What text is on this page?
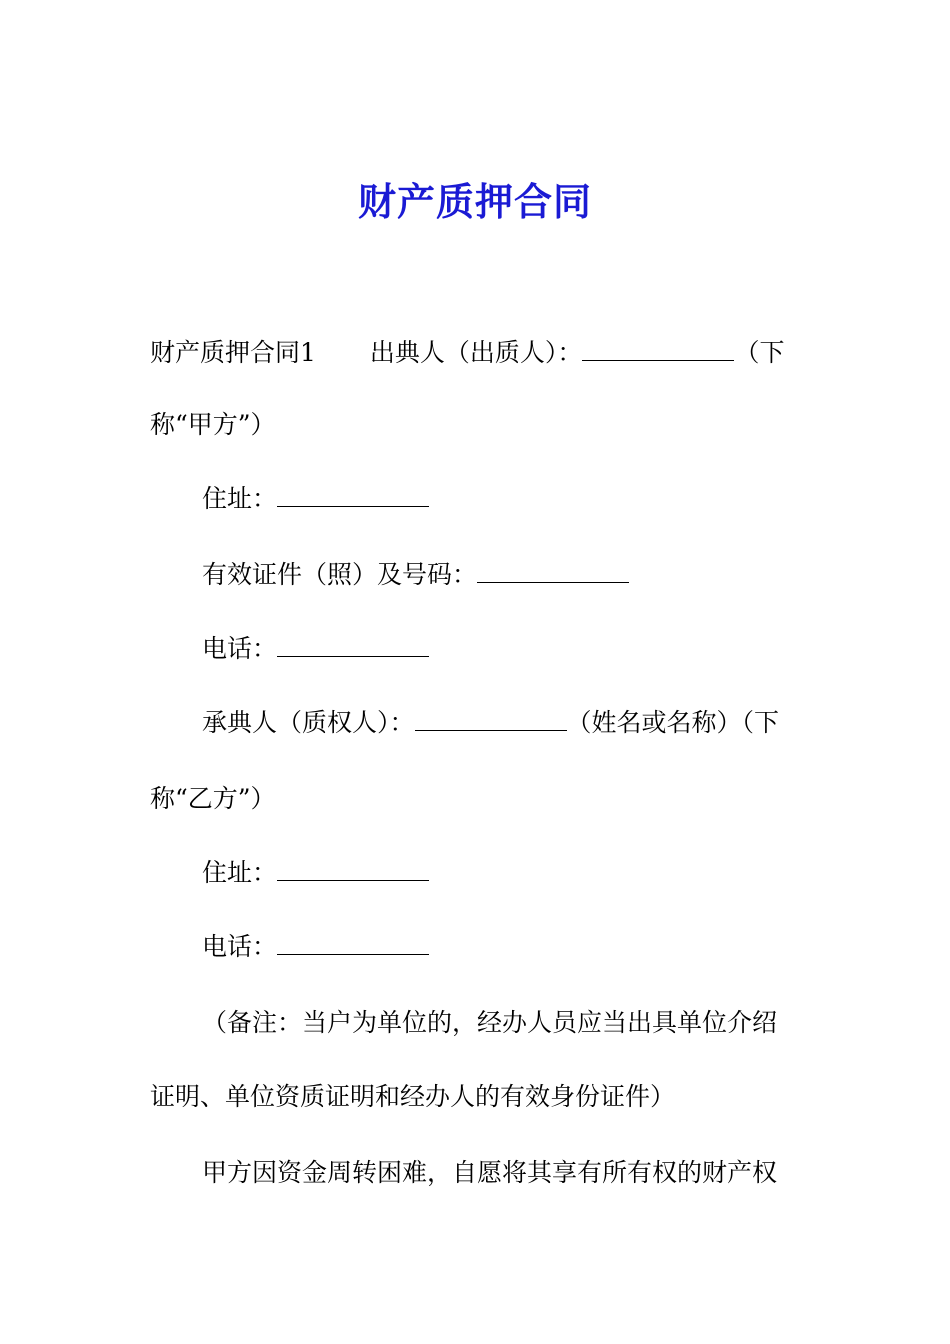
财产质押合同
财产质押合同1 出典人（出质人）：	（下
称“甲方”）
住址：
有效证件（照）及号码：
电话：
承典人（质权人）：	（姓名或名称）（下
称“乙方”）
住址：
电话：
（备注：当户为单位的，经办人员应当出具单位介绍
证明、单位资质证明和经办人的有效身份证件）
甲方因资金周转困难，自愿将其享有所有权的财产权
